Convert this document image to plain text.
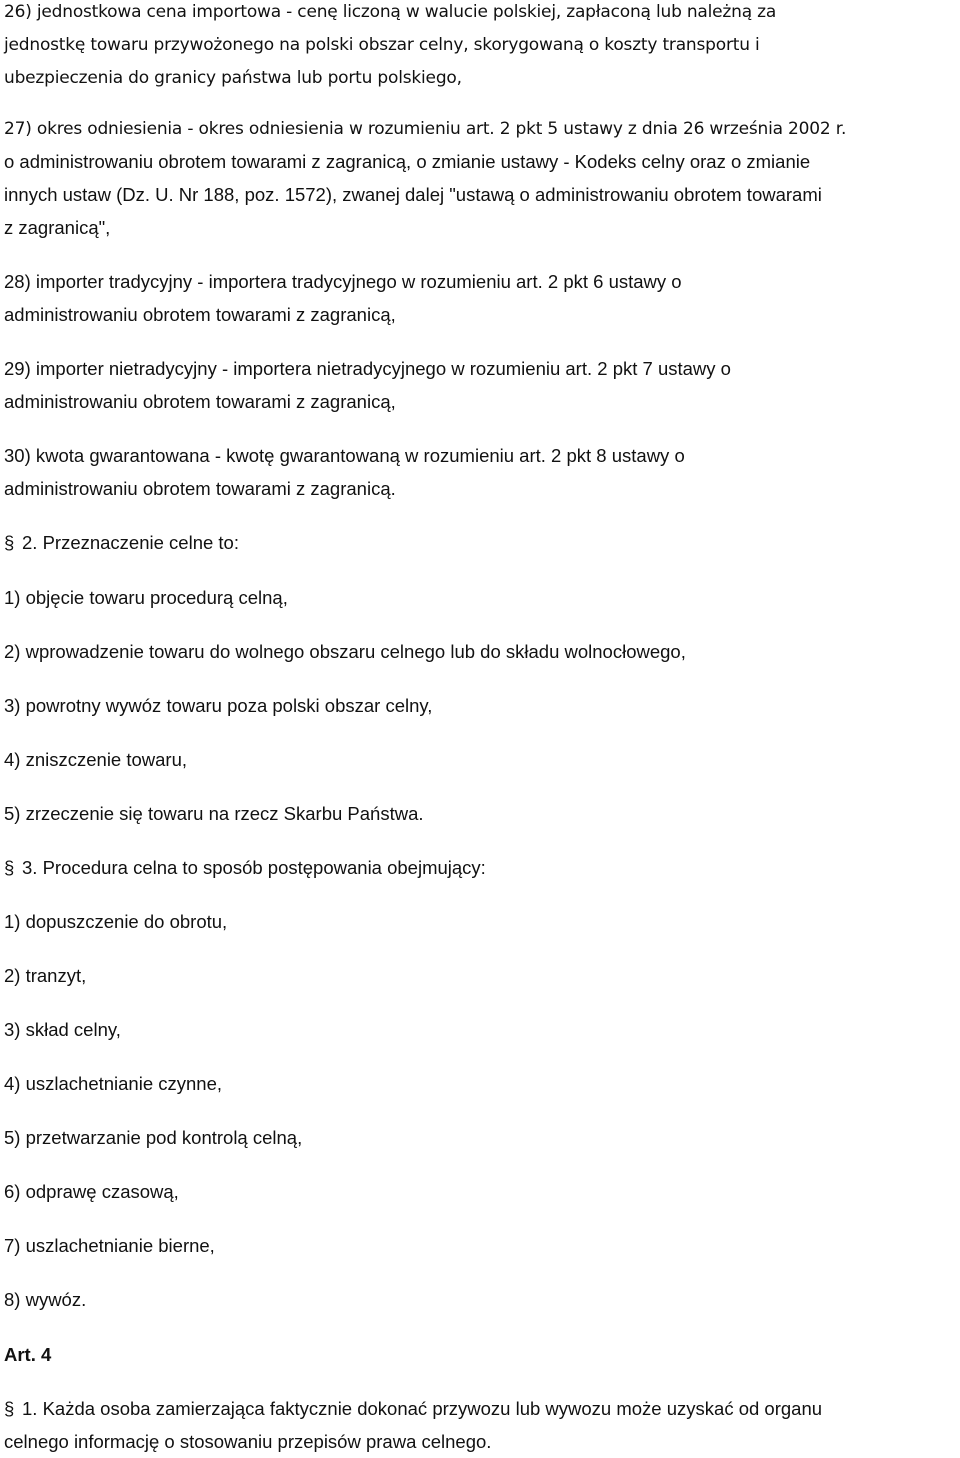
26) jednostkowa cena importowa - cenę liczoną w walucie polskiej, zapłaconą lub należną za
jednostkę towaru przywożonego na polski obszar celny, skorygowaną o koszty transportu i
ubezpieczenia do granicy państwa lub portu polskiego,
27) okres odniesienia - okres odniesienia w rozumieniu art. 2 pkt 5 ustawy z dnia 26 września 2002 r.
o administrowaniu obrotem towarami z zagranicą, o zmianie ustawy - Kodeks celny oraz o zmianie
innych ustaw (Dz. U. Nr 188, poz. 1572), zwanej dalej "ustawą o administrowaniu obrotem towarami
z zagranicą",
28) importer tradycyjny - importera tradycyjnego w rozumieniu art. 2 pkt 6 ustawy o
administrowaniu obrotem towarami z zagranicą,
29) importer nietradycyjny - importera nietradycyjnego w rozumieniu art. 2 pkt 7 ustawy o
administrowaniu obrotem towarami z zagranicą,
30) kwota gwarantowana - kwotę gwarantowaną w rozumieniu art. 2 pkt 8 ustawy o
administrowaniu obrotem towarami z zagranicą.
§ 2. Przeznaczenie celne to:
1) objęcie towaru procedurą celną,
2) wprowadzenie towaru do wolnego obszaru celnego lub do składu wolnocłowego,
3) powrotny wywóz towaru poza polski obszar celny,
4) zniszczenie towaru,
5) zrzeczenie się towaru na rzecz Skarbu Państwa.
§ 3. Procedura celna to sposób postępowania obejmujący:
1) dopuszczenie do obrotu,
2) tranzyt,
3) skład celny,
4) uszlachetnianie czynne,
5) przetwarzanie pod kontrolą celną,
6) odprawę czasową,
7) uszlachetnianie bierne,
8) wywóz.
Art. 4
§ 1. Każda osoba zamierzająca faktycznie dokonać przywozu lub wywozu może uzyskać od organu
celnego informację o stosowaniu przepisów prawa celnego.
